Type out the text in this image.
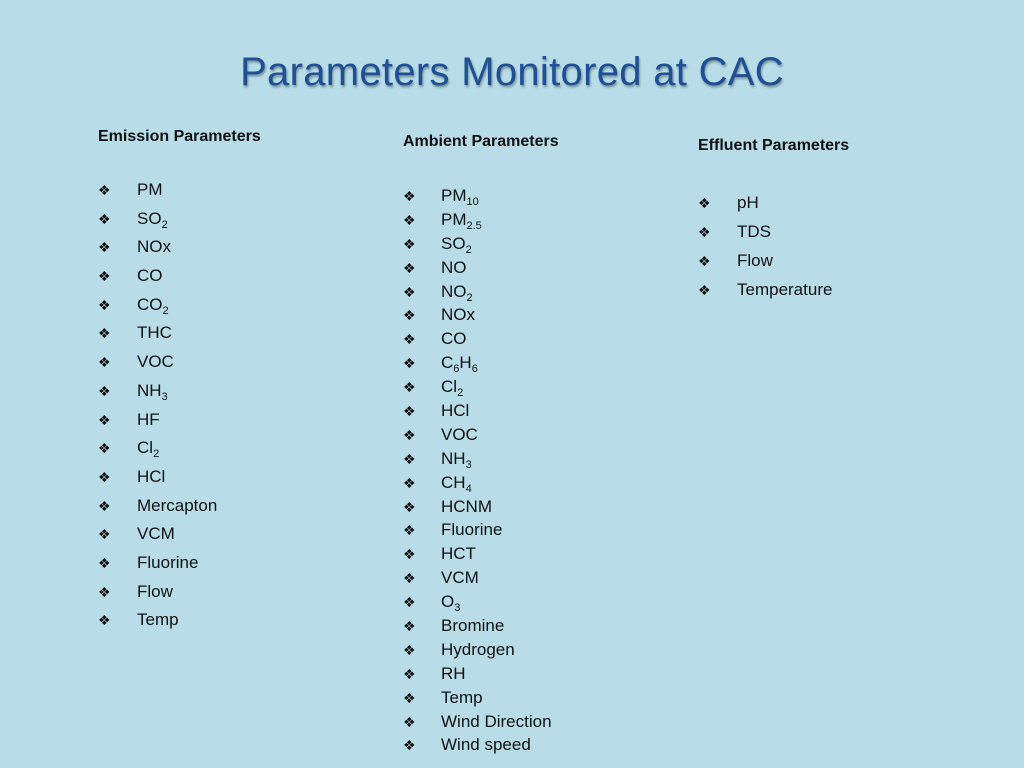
Parameters Monitored at CAC
Emission Parameters
❖	PM
❖	$SO_2$
❖	NOx
❖	CO
❖	$CO_2$
❖	THC
❖	VOC
❖	$NH_3$
❖	HF
❖	$Cl_2$
❖	HCl
❖	Mercapton
❖	VCM
❖	Fluorine
❖	Flow
❖	Temp
Ambient Parameters
❖	$PM_{10}$
❖	$PM_{2.5}$
❖	$SO_2$
❖	NO
❖	$NO_2$
❖	NOx
❖	CO
❖	$C_6H_6$
❖	$Cl_2$
❖	HCl
❖	VOC
❖	$NH_3$
❖	$CH_4$
❖	HCNM
❖	Fluorine
❖	HCT
❖	VCM
❖	$O_3$
❖	Bromine
❖	Hydrogen
❖	RH
❖	Temp
❖	Wind Direction
❖	Wind speed
Effluent Parameters
❖	pH
❖	TDS
❖	Flow
❖	Temperature
